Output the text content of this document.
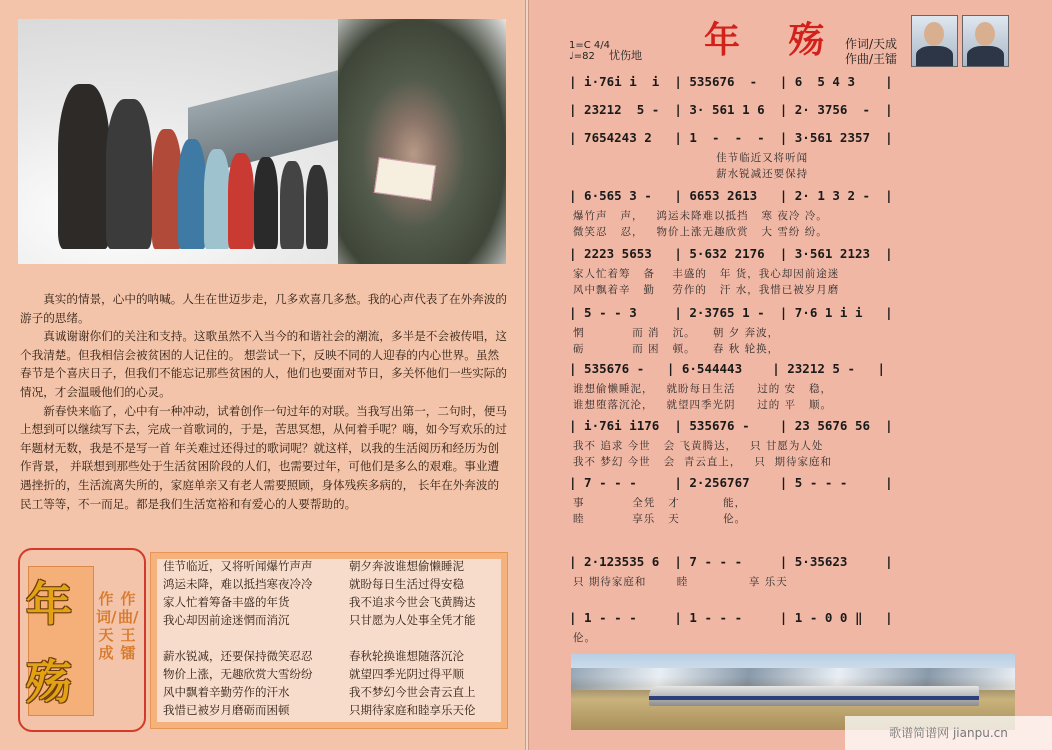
真实的情景，心中的呐喊。人生在世迈步走，几多欢喜几多愁。我的心声代表了在外奔波的游子的思绪。

真诚谢谢你们的关注和支持。这歌虽然不入当今的和谐社会的潮流，多半是不会被传唱，这个我清楚。但我相信会被贫困的人记住的。 想尝试一下，反映不同的人迎春的内心世界。虽然春节是个喜庆日子，但我们不能忘记那些贫困的人，他们也要面对节日，多关怀他们一些实际的情况，才会温暖他们的心灵。

新春快来临了，心中有一种冲动，试着创作一句过年的对联。当我写出第一，二句时，便马上想到可以继续写下去，完成一首歌词的，于是，苦思冥想，从何着手呢？嗨，如今写欢乐的过年题材无数，我是不是写一首 年关难过还得过的歌词呢？就这样，以我的生活阅历和经历为创作背景， 并联想到那些处于生活贫困阶段的人们，也需要过年，可他们是多么的艰难。事业遭遇挫折的，生活流离失所的，家庭单亲又有老人需要照顾，身体残疾多病的， 长年在外奔波的民工等等，不一而足。都是我们生活宽裕和有爱心的人要帮助的。

年
殇
作词/天成
作曲/王镭
佳节临近，又将听闻爆竹声声
鸿运未降，难以抵挡寒夜冷冷
家人忙着筹备丰盛的年货
我心却因前途迷惘而消沉
薪水锐减，还要保持微笑忍忍
物价上涨，无趣欣赏大雪纷纷
风中飘着辛勤劳作的汗水
我惜已被岁月磨砺而困顿
朝夕奔波谁想偷懒睡泥
就盼每日生活过得安稳
我不追求今世会飞黄腾达
只甘愿为人处事全凭才能
春秋轮换谁想随落沉沦
就望四季光阴过得平顺
我不梦幻今世会青云直上
只期待家庭和睦享乐天伦
年 殇 作词/天成
作曲/王镭
1=C 4/4
♩=82	忧伤地
| i·76i i  i  | 535676  -   | 6  5 4 3    |
| 23212  5 -  | 3· 561 1 6  | 2· 3756  -  |
| 7654243 2   | 1  -  -  -  | 3·561 2357  |
佳节临近又将听闻
薪水锐减还要保持
| 6·565 3 -   | 6653 2613   | 2· 1 3 2 -  |
爆竹声   声，   鸿运未降难以抵挡   寒 夜冷 冷。
微笑忍   忍，   物价上涨无趣欣赏   大 雪纷 纷。
| 2223 5653   | 5·632 2176  | 3·561 2123  |
家人忙着筹   备    丰盛的   年 货，我心却因前途迷
风中飘着辛   勤    劳作的   汗 水，我惜已被岁月磨
| 5 - - 3     | 2·3765 1 -  | 7·6 1 i i   |
惘           而 消   沉。    朝 夕 奔波，
砺           而 困   顿。    春 秋 轮换，
| 535676 -   | 6·544443    | 23212 5 -   |
谁想偷懒睡泥，   就盼每日生活     过的 安   稳，
谁想堕落沉沦，   就望四季光阴     过的 平   顺。
| i·76i i176  | 535676 -    | 23 5676 56  |
我不 追求 今世   会 飞黄腾达，   只 甘愿为人处
我不 梦幻 今世   会  青云直上，   只  期待家庭和
| 7 - - -     | 2·256767    | 5 - - -     |
事           全凭   才          能，
睦           享乐   天          伦。
| 2·123535 6  | 7 - - -     | 5·35623     |
只 期待家庭和       睦              享 乐天
| 1 - - -     | 1 - - -     | 1 - 0 0 ‖   |
伦。
歌谱简谱网 jianpu.cn
